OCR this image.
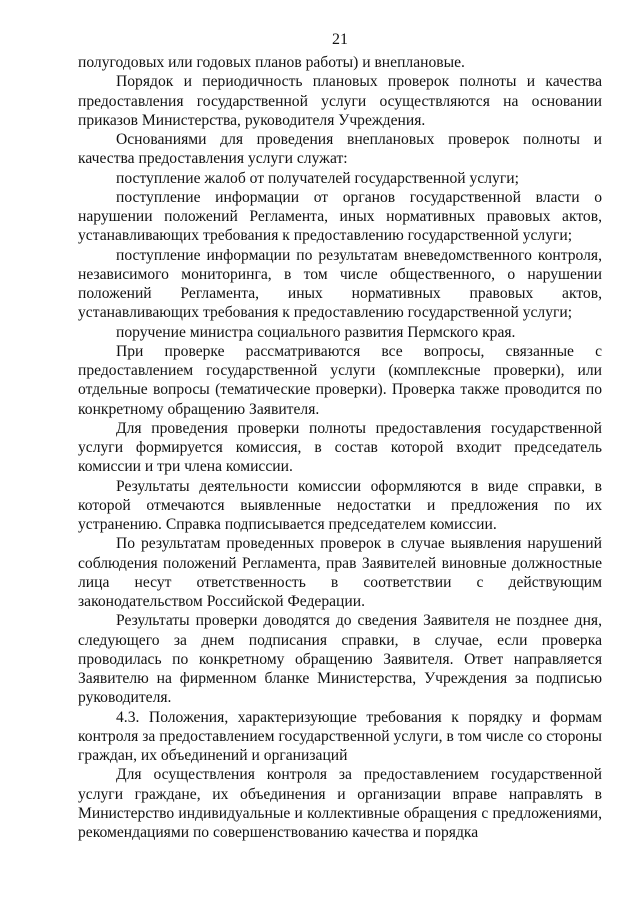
21

полугодовых или годовых планов работы) и внеплановые.

Порядок и периодичность плановых проверок полноты и качества предоставления государственной услуги осуществляются на основании приказов Министерства, руководителя Учреждения.

Основаниями для проведения внеплановых проверок полноты и качества предоставления услуги служат:

поступление жалоб от получателей государственной услуги;

поступление информации от органов государственной власти о нарушении положений Регламента, иных нормативных правовых актов, устанавливающих требования к предоставлению государственной услуги;

поступление информации по результатам вневедомственного контроля, независимого мониторинга, в том числе общественного, о нарушении положений Регламента, иных нормативных правовых актов, устанавливающих требования к предоставлению государственной услуги;

поручение министра социального развития Пермского края.

При проверке рассматриваются все вопросы, связанные с предоставлением государственной услуги (комплексные проверки), или отдельные вопросы (тематические проверки). Проверка также проводится по конкретному обращению Заявителя.

Для проведения проверки полноты предоставления государственной услуги формируется комиссия, в состав которой входит председатель комиссии и три члена комиссии.

Результаты деятельности комиссии оформляются в виде справки, в которой отмечаются выявленные недостатки и предложения по их устранению. Справка подписывается председателем комиссии.

По результатам проведенных проверок в случае выявления нарушений соблюдения положений Регламента, прав Заявителей виновные должностные лица несут ответственность в соответствии с действующим законодательством Российской Федерации.

Результаты проверки доводятся до сведения Заявителя не позднее дня, следующего за днем подписания справки, в случае, если проверка проводилась по конкретному обращению Заявителя. Ответ направляется Заявителю на фирменном бланке Министерства, Учреждения за подписью руководителя.

4.3. Положения, характеризующие требования к порядку и формам контроля за предоставлением государственной услуги, в том числе со стороны граждан, их объединений и организаций

Для осуществления контроля за предоставлением государственной услуги граждане, их объединения и организации вправе направлять в Министерство индивидуальные и коллективные обращения с предложениями, рекомендациями по совершенствованию качества и порядка
